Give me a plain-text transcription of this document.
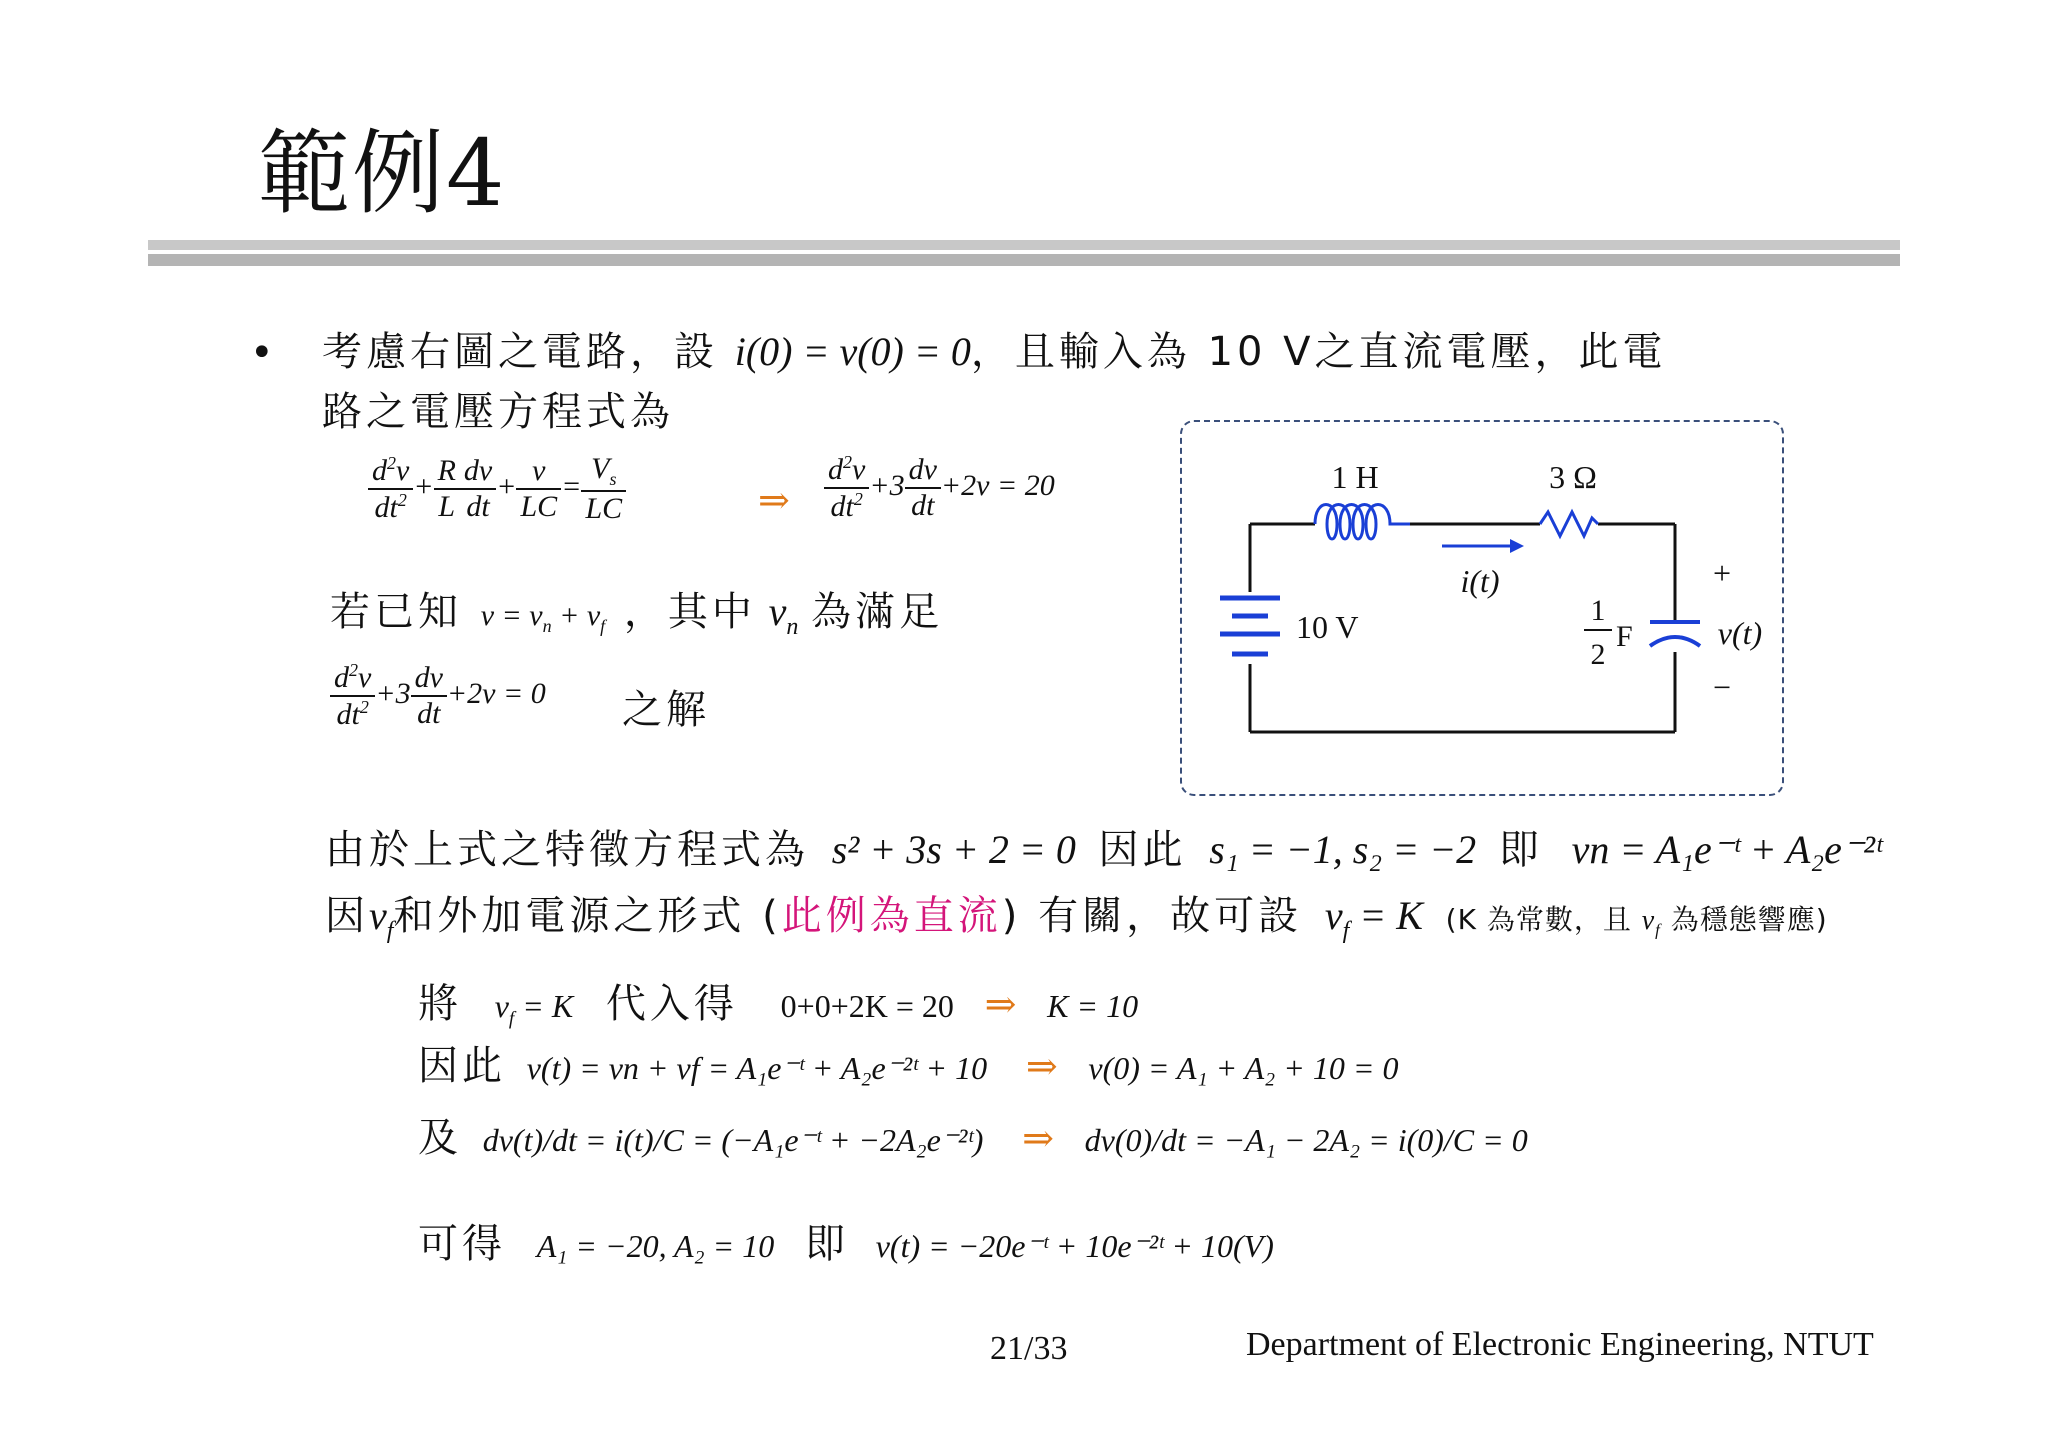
範例4
• 考慮右圖之電路，設 i(0) = v(0) = 0，且輸入為 10 V之直流電壓，此電
路之電壓方程式為
$\frac{d^2v}{dt^2} + \frac{R}{L} \frac{dv}{dt} + \frac{v}{LC} = \frac{V_s}{LC}$	⇒	$\frac{d^2v}{dt^2} +3 \frac{dv}{dt} +2v = 20$
若已知 $v = v_n + v_f$ ，其中 $v_n$ 為滿足
$\frac{d^2v}{dt^2} +3 \frac{dv}{dt} +2v = 0$ 之解
1 H	3 Ω
i(t)
10 V	1
2
F
+
v(t)
−
由於上式之特徵方程式為 s² + 3s + 2 = 0 因此 s₁ = −1, s₂ = −2 即 vn = A₁e⁻ᵗ + A₂e⁻²ᵗ
因$v_f$和外加電源之形式 (此例為直流) 有關，故可設 $v_f = K$ (K 為常數，且 $v_f$ 為穩態響應)
將 $v_f = K$ 代入得 0+0+2K = 20 ⇒ K = 10
因此 v(t) = vn + vf = A₁e⁻ᵗ + A₂e⁻²ᵗ + 10 ⇒ v(0) = A₁ + A₂ + 10 = 0
及 dv(t)/dt = i(t)/C = (−A₁e⁻ᵗ + −2A₂e⁻²ᵗ) ⇒ dv(0)/dt = −A₁ − 2A₂ = i(0)/C = 0
可得 A₁ = −20, A₂ = 10 即 v(t) = −20e⁻ᵗ + 10e⁻²ᵗ + 10(V)
21/33	Department of Electronic Engineering, NTUT
